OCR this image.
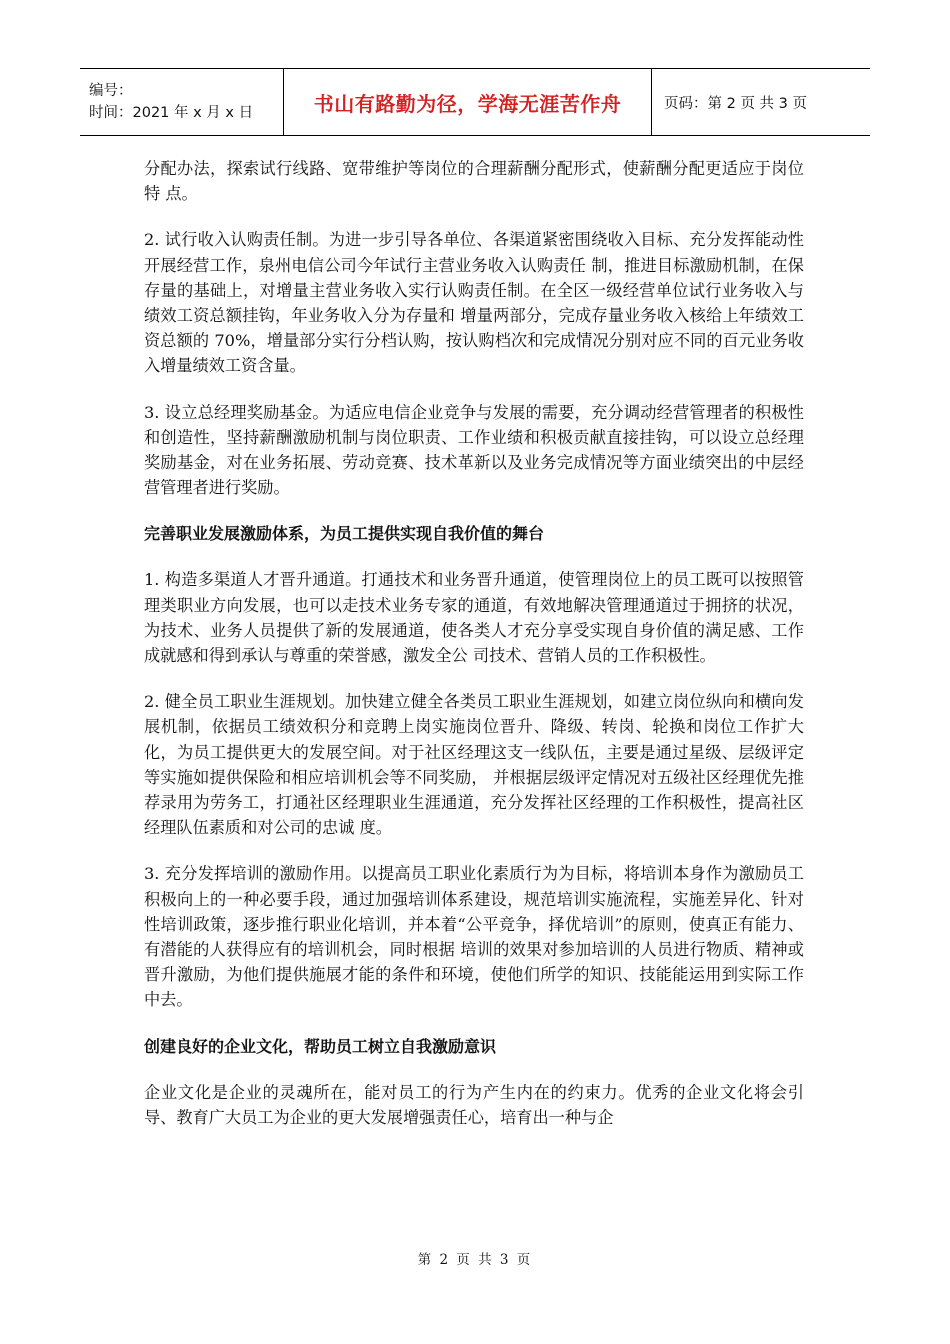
编号：
时间：2021 年 x 月 x 日	书山有路勤为径，学海无涯苦作舟	页码：第 2 页 共 3 页

分配办法，探索试行线路、宽带维护等岗位的合理薪酬分配形式，使薪酬分配更适应于岗位特 点。

2. 试行收入认购责任制。为进一步引导各单位、各渠道紧密围绕收入目标、充分发挥能动性开展经营工作，泉州电信公司今年试行主营业务收入认购责任 制，推进目标激励机制，在保存量的基础上，对增量主营业务收入实行认购责任制。在全区一级经营单位试行业务收入与绩效工资总额挂钩，年业务收入分为存量和 增量两部分，完成存量业务收入核给上年绩效工资总额的 70%，增量部分实行分档认购，按认购档次和完成情况分别对应不同的百元业务收入增量绩效工资含量。

3. 设立总经理奖励基金。为适应电信企业竞争与发展的需要，充分调动经营管理者的积极性和创造性，坚持薪酬激励机制与岗位职责、工作业绩和积极贡献直接挂钩，可以设立总经理奖励基金，对在业务拓展、劳动竞赛、技术革新以及业务完成情况等方面业绩突出的中层经营管理者进行奖励。

完善职业发展激励体系，为员工提供实现自我价值的舞台

1. 构造多渠道人才晋升通道。打通技术和业务晋升通道，使管理岗位上的员工既可以按照管理类职业方向发展，也可以走技术业务专家的通道，有效地解决管理通道过于拥挤的状况，为技术、业务人员提供了新的发展通道，使各类人才充分享受实现自身价值的满足感、工作成就感和得到承认与尊重的荣誉感，激发全公 司技术、营销人员的工作积极性。

2. 健全员工职业生涯规划。加快建立健全各类员工职业生涯规划，如建立岗位纵向和横向发展机制，依据员工绩效积分和竞聘上岗实施岗位晋升、降级、转岗、轮换和岗位工作扩大化，为员工提供更大的发展空间。对于社区经理这支一线队伍，主要是通过星级、层级评定等实施如提供保险和相应培训机会等不同奖励， 并根据层级评定情况对五级社区经理优先推荐录用为劳务工，打通社区经理职业生涯通道，充分发挥社区经理的工作积极性，提高社区经理队伍素质和对公司的忠诚 度。

3. 充分发挥培训的激励作用。以提高员工职业化素质行为为目标，将培训本身作为激励员工积极向上的一种必要手段，通过加强培训体系建设，规范培训实施流程，实施差异化、针对性培训政策，逐步推行职业化培训，并本着“公平竞争，择优培训”的原则，使真正有能力、有潜能的人获得应有的培训机会，同时根据 培训的效果对参加培训的人员进行物质、精神或晋升激励，为他们提供施展才能的条件和环境，使他们所学的知识、技能能运用到实际工作中去。

创建良好的企业文化，帮助员工树立自我激励意识

企业文化是企业的灵魂所在，能对员工的行为产生内在的约束力。优秀的企业文化将会引导、教育广大员工为企业的更大发展增强责任心，培育出一种与企

第 2 页 共 3 页
